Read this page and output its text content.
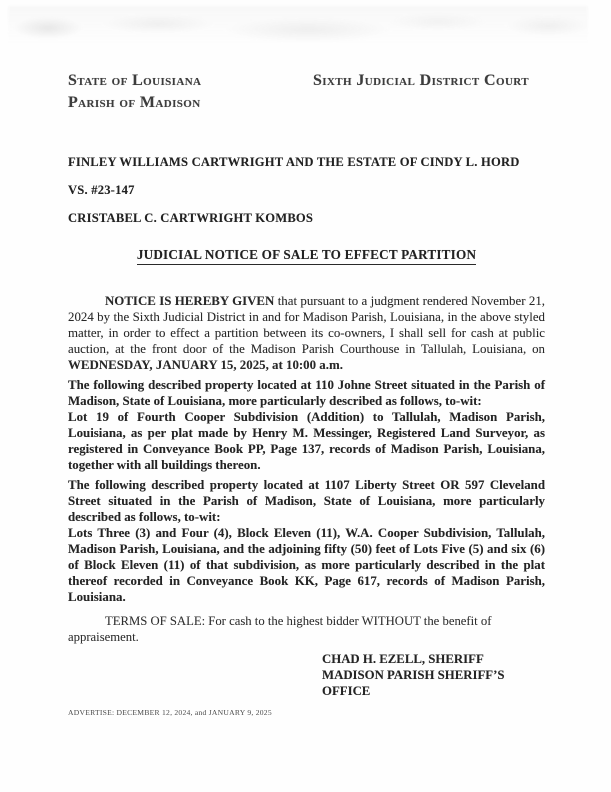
State of Louisiana
Parish of Madison
Sixth Judicial District Court
FINLEY WILLIAMS CARTWRIGHT AND THE ESTATE OF CINDY L. HORD
VS. #23-147
CRISTABEL C. CARTWRIGHT KOMBOS
JUDICIAL NOTICE OF SALE TO EFFECT PARTITION

NOTICE IS HEREBY GIVEN that pursuant to a judgment rendered November 21, 2024 by the Sixth Judicial District in and for Madison Parish, Louisiana, in the above styled matter, in order to effect a partition between its co-owners, I shall sell for cash at public auction, at the front door of the Madison Parish Courthouse in Tallulah, Louisiana, on WEDNESDAY, JANUARY 15, 2025, at 10:00 a.m.

The following described property located at 110 Johne Street situated in the Parish of Madison, State of Louisiana, more particularly described as follows, to-wit:
Lot 19 of Fourth Cooper Subdivision (Addition) to Tallulah, Madison Parish, Louisiana, as per plat made by Henry M. Messinger, Registered Land Surveyor, as registered in Conveyance Book PP, Page 137, records of Madison Parish, Louisiana, together with all buildings thereon.
The following described property located at 1107 Liberty Street OR 597 Cleveland Street situated in the Parish of Madison, State of Louisiana, more particularly described as follows, to-wit:
Lots Three (3) and Four (4), Block Eleven (11), W.A. Cooper Subdivision, Tallulah, Madison Parish, Louisiana, and the adjoining fifty (50) feet of Lots Five (5) and six (6) of Block Eleven (11) of that subdivision, as more particularly described in the plat thereof recorded in Conveyance Book KK, Page 617, records of Madison Parish, Louisiana.
TERMS OF SALE: For cash to the highest bidder WITHOUT the benefit of appraisement.
CHAD H. EZELL, SHERIFF
MADISON PARISH SHERIFF’S OFFICE
ADVERTISE: DECEMBER 12, 2024, and JANUARY 9, 2025
